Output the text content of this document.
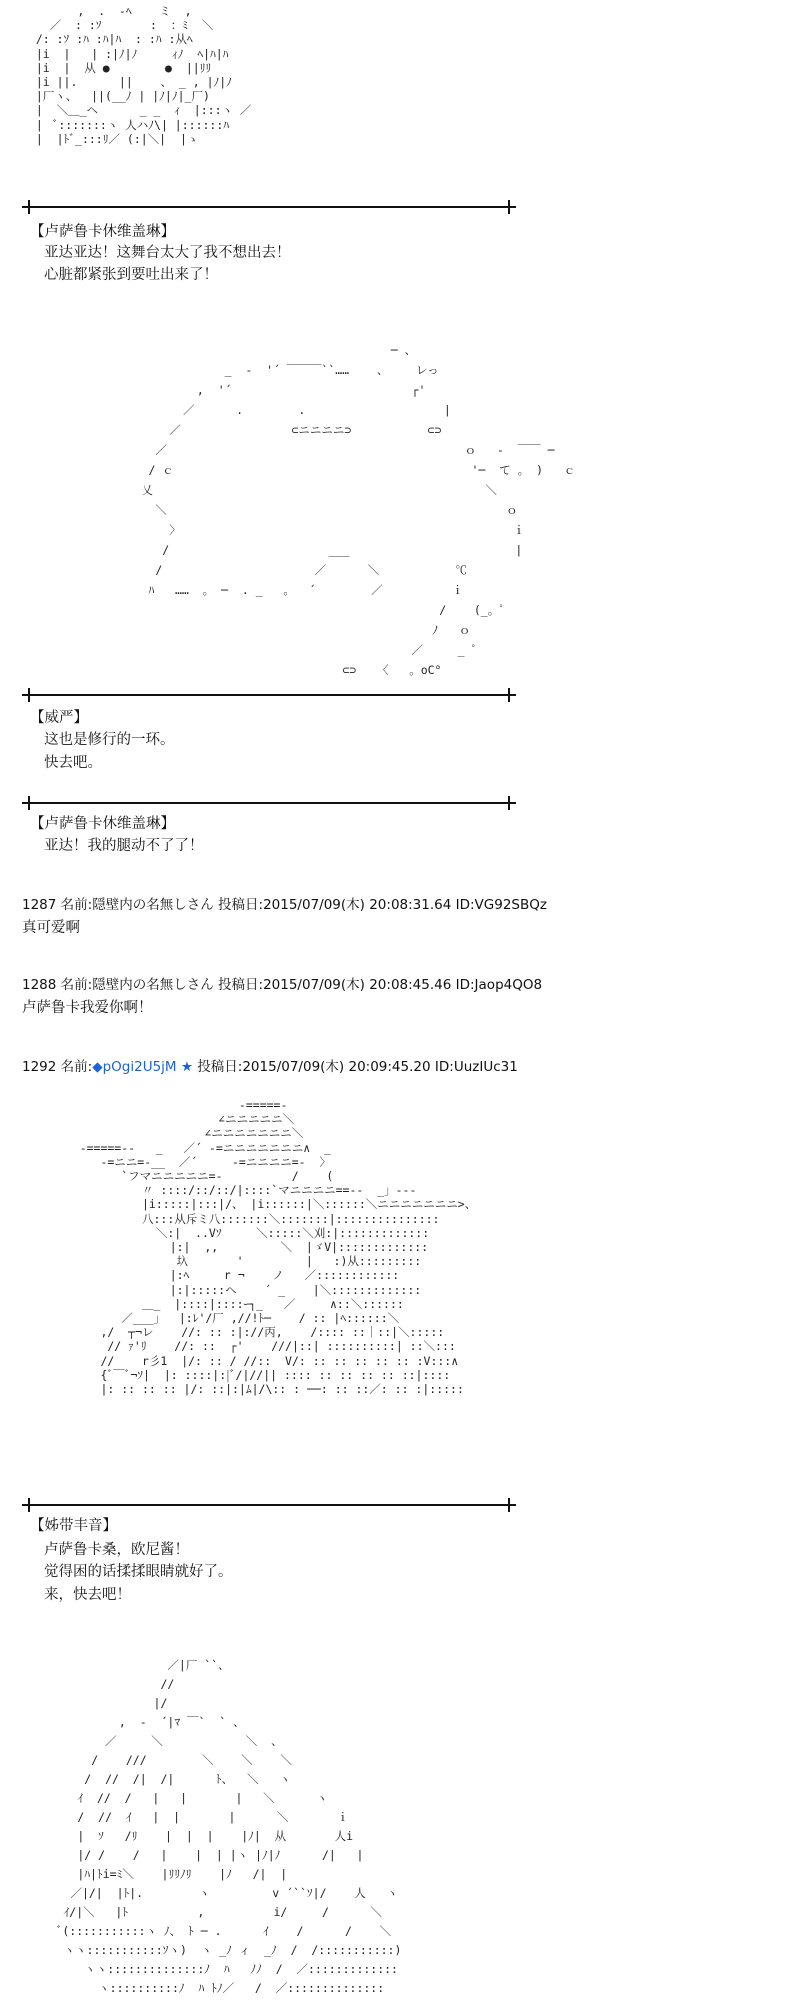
,  .  -ﾍ    ミ  ,
／  : :ｿ       :  ：ﾐ  ＼
/: :ｿ :ﾊ :ﾊ|ﾊ  : :ﾊ :从ﾍ
|i  |   | :|ﾉ|ﾉ     ｨﾉ  ﾍ|ﾊ|ﾊ
|i  |  从 ●        ●  ||ﾘﾘ
|i ||.      ||    、 _ , |ﾉ|ﾉ
|厂ヽ、  ||(__ﾉ | |ﾉ|ﾉ|_厂)
|  ＼＿_ヘ      _ _  ｨ  |:::ヽ ／
|  ﾞ:::::::ヽ 人ハﾉ\| |::::::ﾊ
|  |ﾄﾞ_:::ﾘ／ (:|＼|  |ゝ
【卢萨鲁卡休维盖琳】
亚达亚达！这舞台太大了我不想出去！
心脏都紧张到要吐出来了！
─ 、
_  -  '´ ￣￣￣``……    、    レっ
,  '´                          ┌'
／      .        .                    |
／                ⊂ニニニニ⊃           ⊂⊃
／                                           ｏ   -  ￣￣ ─
/ ｃ                                           '─  て 。 )   ｃ
乂                                                ＼
＼                                                 ｏ
〉                                                ｉ
/                       ___                        |
/                      ／      ＼           ℃
ﾊ   ……  。 ─  . _   。  ´        ／          ｉ
/    (_。ﾟ
ﾉ   ｏ
／     _ ﾟ
⊂⊃   〈   。oC°
【威严】
这也是修行的一环。
快去吧。
【卢萨鲁卡休维盖琳】
亚达！我的腿动不了了！
1287 名前:隠壁内の名無しさん 投稿日:2015/07/09(木) 20:08:31.64 ID:VG92SBQz
真可爱啊
1288 名前:隠壁内の名無しさん 投稿日:2015/07/09(木) 20:08:45.46 ID:Jaop4QO8
卢萨鲁卡我爱你啊！
1292 名前:◆pOgi2U5jM ★ 投稿日:2015/07/09(木) 20:09:45.20 ID:UuzIUc31
‐=====‐
∠ニニニニニ＼
∠ニニニニニニニ＼
‐=====‐-   _   ／´ -=ニニニニニニニ∧  _
-=ニニ=-__  ／´     -=ニニニニ=‐  〉
`フマニニニニニ=-          /    (
〃 ::::/::/::/|::::`マニニニニ==-‐  _」‐‐‐
|i:::::|:::|/、 |i::::::|＼::::::＼ニニニニニニニ>、
八:::从斥ミ八:::::::＼:::::::|:::::::::::::::
＼:|  ..Vｿ     ＼:::::＼刈:|:::::::::::::
|:|  ,,         ＼  |ゞV|:::::::::::::
圦       '         |   :)从:::::::::
|:ﾍ     r ¬    ノ   ／::::::::::::
|:|:::::ヘ    ´ _    |＼:::::::::::::
＿_  |::::|::::ｰ┐_   ／     ∧::＼::::::
／___」  |:ﾚ'/厂 ,//!ﾄ─    / :: |ﾍ::::::＼
,/  ┬¬レ    //: :: :|://丙,    /:::: ::｜::|＼:::::
// ｧ'ﾘ    //: ::  ┌'    ///|::| ::::::::::| ::＼:::
//    r彡1  |/: :: / //::  V/: :: :: :: :: :: :V:::∧
{ﾞ￣ﾞ¬ｿ|  |: ::::|:|ﾞ/|//|| :::: :: :: :: :: ::|::::
|: :: :: :: |/: ::|:|ﾑ|/\:: : ──: :: ::／: :: :|:::::
【姊带丰音】
卢萨鲁卡桑，欧尼酱！
觉得困的话揉揉眼睛就好了。
来，快去吧！
／|厂 ``、
//
|/
,  -  ´|ﾏ ￣`  ` 、
／     ＼            ＼  、
/    ///        ＼    ＼    ＼
/  //  /|  /|      ﾄ、  ＼   ヽ
ｲ  //  /   |   |       |   ＼      ヽ
/  //  ｲ   |  |       |      ＼       ｉ
|  ｿ   /ﾘ    |  |  |    |ﾉ|  从       人i
|/ /    /   |    |  | |ヽ |ﾉ|ﾉ      /|   |
|ﾊ|ﾄi=ﾐ＼    |ﾘﾘﾉﾘ    |ﾉ   /|  |
／|/|  |ﾄ|.        ヽ         v ´``ｿ|/    人   ヽ
ｲ/|＼   |ﾄ          ,          i/     /      ＼
ﾞ(:::::::::::ヽ ﾉ、 ﾄ ─ .      ｲ    /      /    ＼
ヽヽ:::::::::::ｿヽ)  ヽ _ﾉ ィ  _ﾉ  /  /:::::::::::)
ヽヽ::::::::::::::ﾉ  ﾊ   ﾉﾉ  /  ／:::::::::::::
ヽ::::::::::ﾉ  ﾊ ﾄﾉ／   /  ／::::::::::::::
